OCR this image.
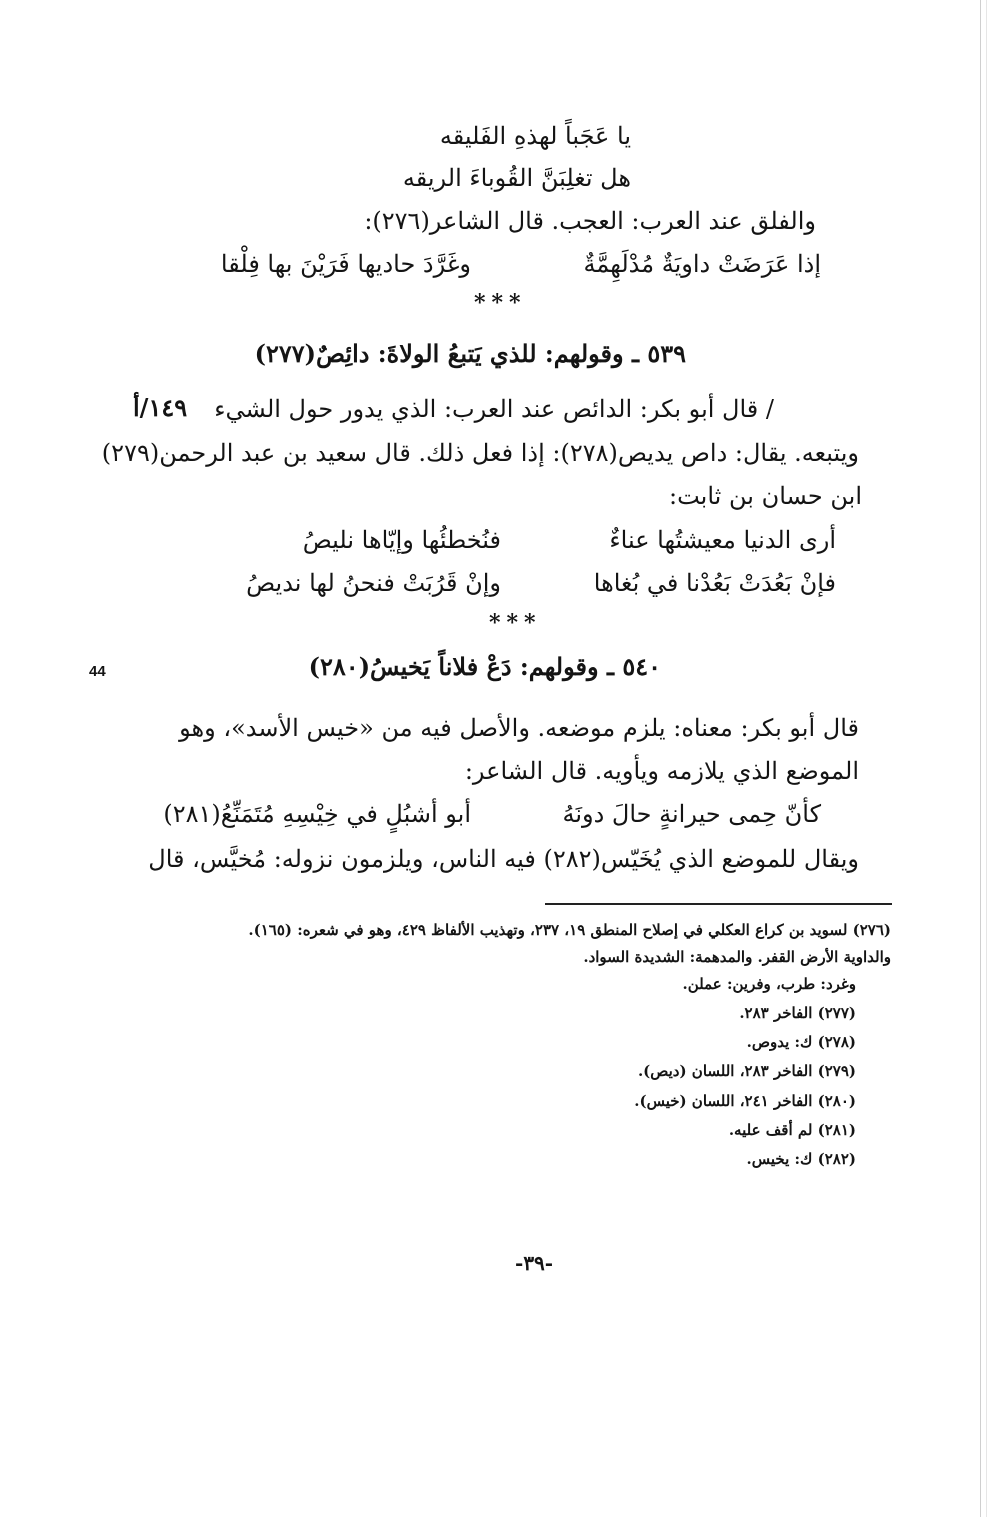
يا عَجَباً لهذهِ الفَليقه
هل تغلِبَنَّ القُوباءَ الريقه
والفلق عند العرب: العجب. قال الشاعر(٢٧٦):
إذا عَرَضَتْ داويَةٌ مُدْلَهِمَّةٌ
وغَرَّدَ حاديها فَرَيْنَ بها فِلْقا
***
٥٣٩ ـ وقولهم: للذي يَتبعُ الولاةَ: دائِصٌ(٢٧٧)
١٤٩/أ / قال أبو بكر: الدائص عند العرب: الذي يدور حول الشيء
ويتبعه. يقال: داص يديص(٢٧٨): إذا فعل ذلك. قال سعيد بن عبد الرحمن(٢٧٩)
ابن حسان بن ثابت:
أرى الدنيا معيشتُها عناءٌ
فنُخطئُها وإيّاها نليصُ
فإنْ بَعُدَتْ بَعُدْنا في بُغاها
وإنْ قَرُبَتْ فنحنُ لها نديصُ
***
44	٥٤٠ ـ وقولهم: دَعْ فلاناً يَخيسُ(٢٨٠)
قال أبو بكر: معناه: يلزم موضعه. والأصل فيه من «خيس الأسد»، وهو
الموضع الذي يلازمه ويأويه. قال الشاعر:
كأنّ حِمى حيرانةٍ حالَ دونَهُ
أبو أشبُلٍ في خِيْسِهِ مُتَمَنِّعُ(٢٨١)
ويقال للموضع الذي يُخَيّس(٢٨٢) فيه الناس، ويلزمون نزوله: مُخيَّس، قال
(٢٧٦) لسويد بن كراع العكلي في إصلاح المنطق ١٩، ٢٣٧، وتهذيب الألفاظ ٤٢٩، وهو في شعره: (١٦٥).
والداوية الأرض القفر. والمدهمة: الشديدة السواد.
وغرد: طرب، وفرين: عملن.
(٢٧٧) الفاخر ٢٨٣.
(٢٧٨) ك: يدوص.
(٢٧٩) الفاخر ٢٨٣، اللسان (ديص).
(٢٨٠) الفاخر ٢٤١، اللسان (خيس).
(٢٨١) لم أقف عليه.
(٢٨٢) ك: يخيس.
-٣٩-
